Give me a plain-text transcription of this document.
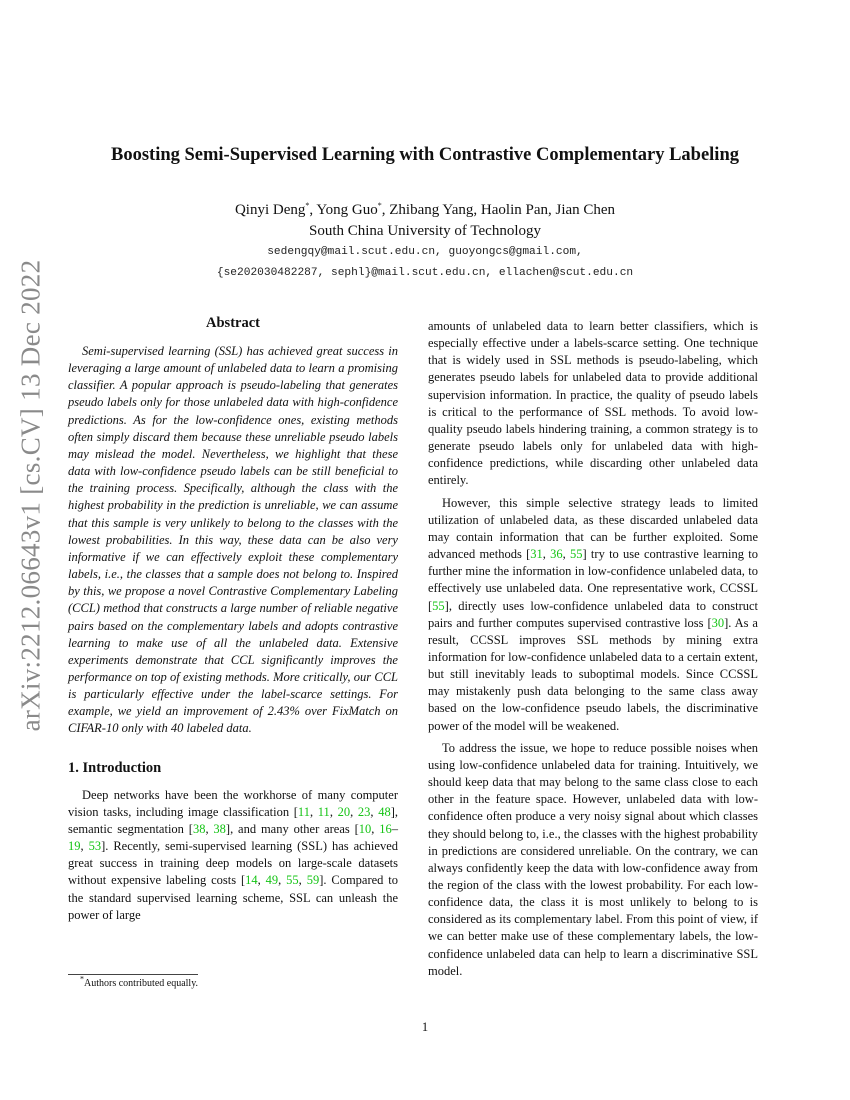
arXiv:2212.06643v1 [cs.CV] 13 Dec 2022
Boosting Semi-Supervised Learning with Contrastive Complementary Labeling
Qinyi Deng*, Yong Guo*, Zhibang Yang, Haolin Pan, Jian Chen
South China University of Technology
sedengqy@mail.scut.edu.cn, guoyongcs@gmail.com,
{se202030482287, sephl}@mail.scut.edu.cn, ellachen@scut.edu.cn
Abstract

Semi-supervised learning (SSL) has achieved great success in leveraging a large amount of unlabeled data to learn a promising classifier. A popular approach is pseudo-labeling that generates pseudo labels only for those unlabeled data with high-confidence predictions. As for the low-confidence ones, existing methods often simply discard them because these unreliable pseudo labels may mislead the model. Nevertheless, we highlight that these data with low-confidence pseudo labels can be still beneficial to the training process. Specifically, although the class with the highest probability in the prediction is unreliable, we can assume that this sample is very unlikely to belong to the classes with the lowest probabilities. In this way, these data can be also very informative if we can effectively exploit these complementary labels, i.e., the classes that a sample does not belong to. Inspired by this, we propose a novel Contrastive Complementary Labeling (CCL) method that constructs a large number of reliable negative pairs based on the complementary labels and adopts contrastive learning to make use of all the unlabeled data. Extensive experiments demonstrate that CCL significantly improves the performance on top of existing methods. More critically, our CCL is particularly effective under the label-scarce settings. For example, we yield an improvement of 2.43% over FixMatch on CIFAR-10 only with 40 labeled data.

1. Introduction

Deep networks have been the workhorse of many computer vision tasks, including image classification [11, 11, 20, 23, 48], semantic segmentation [38, 38], and many other areas [10, 16–19, 53]. Recently, semi-supervised learning (SSL) has achieved great success in training deep models on large-scale datasets without expensive labeling costs [14, 49, 55, 59]. Compared to the standard supervised learning scheme, SSL can unleash the power of large

amounts of unlabeled data to learn better classifiers, which is especially effective under a labels-scarce setting. One technique that is widely used in SSL methods is pseudo-labeling, which generates pseudo labels for unlabeled data to provide additional supervision information. In practice, the quality of pseudo labels is critical to the performance of SSL methods. To avoid low-quality pseudo labels hindering training, a common strategy is to generate pseudo labels only for unlabeled data with high-confidence predictions, while discarding other unlabeled data entirely.

However, this simple selective strategy leads to limited utilization of unlabeled data, as these discarded unlabeled data may contain information that can be further exploited. Some advanced methods [31, 36, 55] try to use contrastive learning to further mine the information in low-confidence unlabeled data, to effectively use unlabeled data. One representative work, CCSSL [55], directly uses low-confidence unlabeled data to construct pairs and further computes supervised contrastive loss [30]. As a result, CCSSL improves SSL methods by mining extra information for low-confidence unlabeled data to a certain extent, but still inevitably leads to suboptimal models. Since CCSSL may mistakenly push data belonging to the same class away based on the low-confidence pseudo labels, the discriminative power of the model will be weakened.

To address the issue, we hope to reduce possible noises when using low-confidence unlabeled data for training. Intuitively, we should keep data that may belong to the same class close to each other in the feature space. However, unlabeled data with low-confidence often produce a very noisy signal about which classes they should belong to, i.e., the classes with the highest probability in predictions are considered unreliable. On the contrary, we can always confidently keep the data with low-confidence away from the region of the class with the lowest probability. For each low-confidence data, the class it is most unlikely to belong to is considered as its complementary label. From this point of view, if we can better make use of these complementary labels, the low-confidence unlabeled data can help to learn a discriminative SSL model.

*Authors contributed equally.
1
